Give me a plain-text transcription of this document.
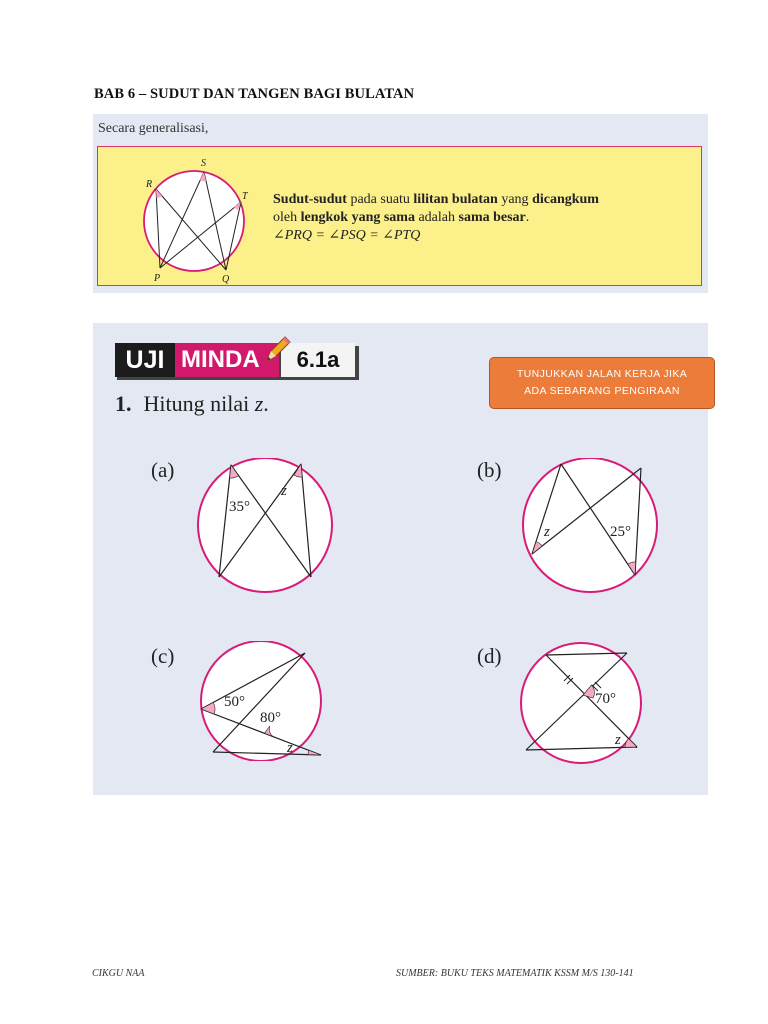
BAB 6 – SUDUT DAN TANGEN BAGI BULATAN
Secara generalisasi,
R
S
T
P	Q
Sudut-sudut pada suatu lilitan bulatan yang dicangkum
oleh lengkok yang sama adalah sama besar.
∠PRQ = ∠PSQ = ∠PTQ
UJI MINDA	6.1a
TUNJUKKAN JALAN KERJA JIKA
ADA SEBARANG PENGIRAAN
1. Hitung nilai z.
(a)
35°
z
(b)
z	25°
(c)
50°
80°
z
(d)
70°
z
CIKGU NAA	SUMBER: BUKU TEKS MATEMATIK KSSM M/S 130-141
